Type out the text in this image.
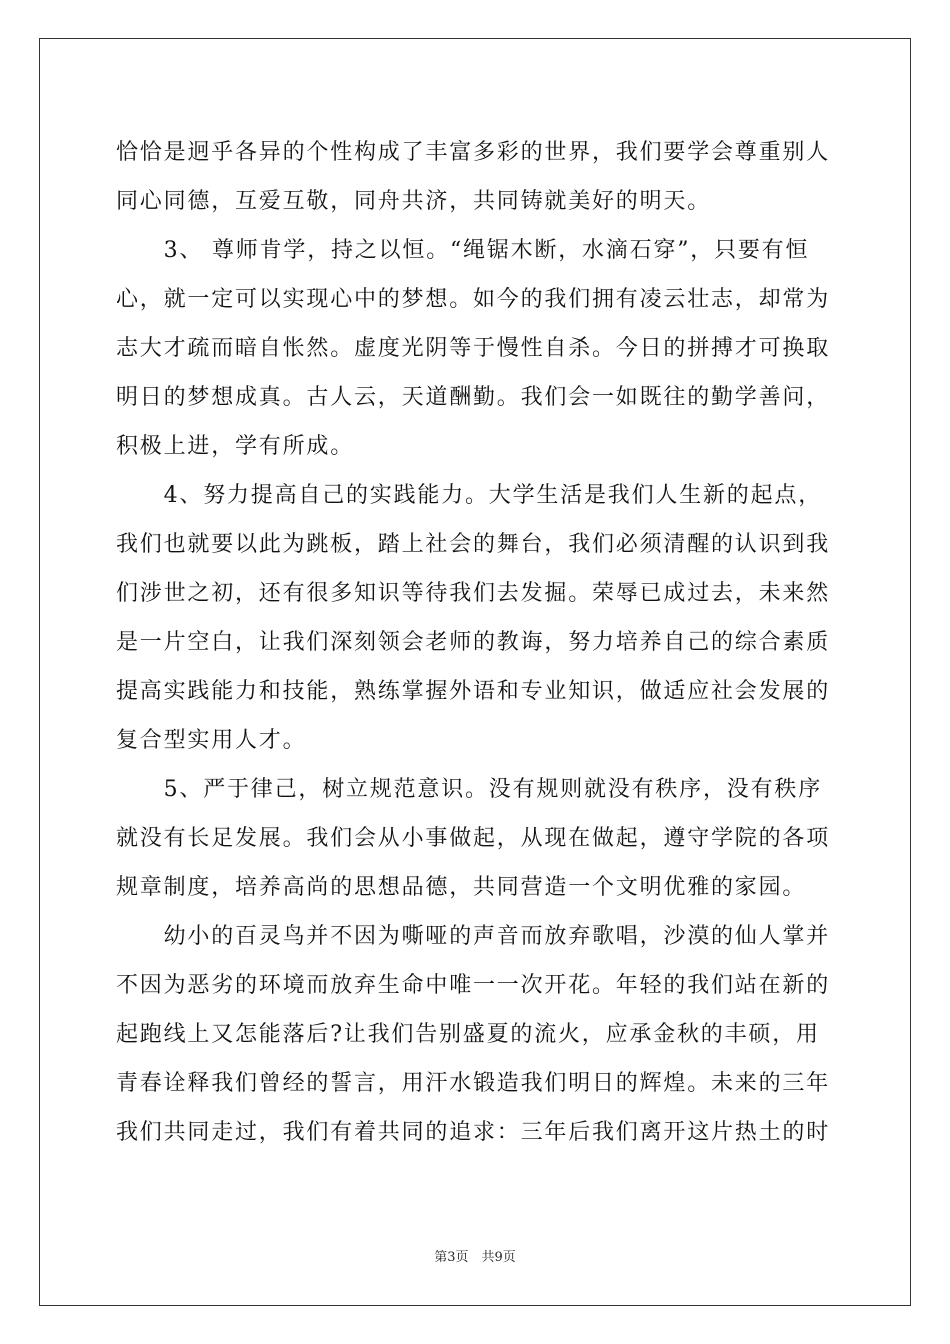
恰恰是迥乎各异的个性构成了丰富多彩的世界，我们要学会尊重别人
同心同德，互爱互敬，同舟共济，共同铸就美好的明天。
　　3、 尊师肯学，持之以恒。“绳锯木断，水滴石穿”，只要有恒
心，就一定可以实现心中的梦想。如今的我们拥有凌云壮志，却常为
志大才疏而暗自怅然。虚度光阴等于慢性自杀。今日的拼搏才可换取
明日的梦想成真。古人云，天道酬勤。我们会一如既往的勤学善问，
积极上进，学有所成。
　　4、努力提高自己的实践能力。大学生活是我们人生新的起点，
我们也就要以此为跳板，踏上社会的舞台，我们必须清醒的认识到我
们涉世之初，还有很多知识等待我们去发掘。荣辱已成过去，未来然
是一片空白，让我们深刻领会老师的教诲，努力培养自己的综合素质
提高实践能力和技能，熟练掌握外语和专业知识，做适应社会发展的
复合型实用人才。
　　5、严于律己，树立规范意识。没有规则就没有秩序，没有秩序
就没有长足发展。我们会从小事做起，从现在做起，遵守学院的各项
规章制度，培养高尚的思想品德，共同营造一个文明优雅的家园。
　　幼小的百灵鸟并不因为嘶哑的声音而放弃歌唱，沙漠的仙人掌并
不因为恶劣的环境而放弃生命中唯一一次开花。年轻的我们站在新的
起跑线上又怎能落后?让我们告别盛夏的流火，应承金秋的丰硕，用
青春诠释我们曾经的誓言，用汗水锻造我们明日的辉煌。未来的三年
我们共同走过，我们有着共同的追求：三年后我们离开这片热土的时
第3页　共9页
